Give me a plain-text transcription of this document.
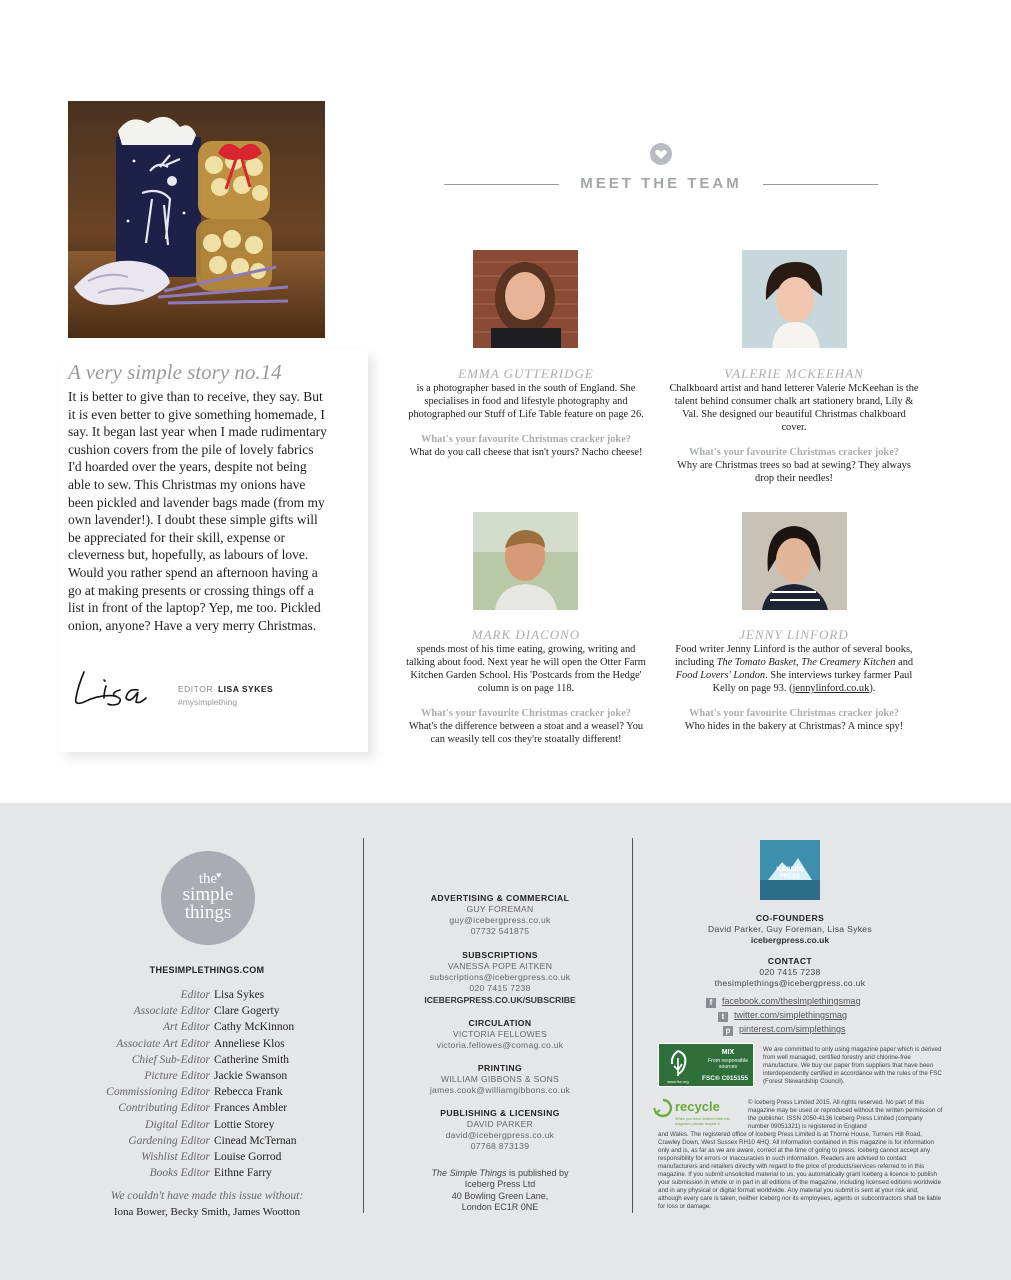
A very simple story no.14
It is better to give than to receive, they say. But it is even better to give something homemade, I say. It began last year when I made rudimentary cushion covers from the pile of lovely fabrics I'd hoarded over the years, despite not being able to sew. This Christmas my onions have been pickled and lavender bags made (from my own lavender!). I doubt these simple gifts will be appreciated for their skill, expense or cleverness but, hopefully, as labours of love. Would you rather spend an afternoon having a go at making presents or crossing things off a list in front of the laptop? Yep, me too. Pickled onion, anyone? Have a very merry Christmas.
EDITOR LISA SYKES
#mysimplething
MEET THE TEAM
EMMA GUTTERIDGE
is a photographer based in the south of England. She specialises in food and lifestyle photography and photographed our Stuff of Life Table feature on page 26.
What's your favourite Christmas cracker joke?
What do you call cheese that isn't yours? Nacho cheese!
VALERIE MCKEEHAN
Chalkboard artist and hand letterer Valerie McKeehan is the talent behind consumer chalk art stationery brand, Lily & Val. She designed our beautiful Christmas chalkboard cover.
What's your favourite Christmas cracker joke?
Why are Christmas trees so bad at sewing? They always drop their needles!
MARK DIACONO
spends most of his time eating, growing, writing and talking about food. Next year he will open the Otter Farm Kitchen Garden School. His 'Postcards from the Hedge' column is on page 118.
What's your favourite Christmas cracker joke?
What's the difference between a stoat and a weasel? You can weasily tell cos they're stoatally different!
JENNY LINFORD
Food writer Jenny Linford is the author of several books, including The Tomato Basket, The Creamery Kitchen and Food Lovers' London. She interviews turkey farmer Paul Kelly on page 93. (jennylinford.co.uk).
What's your favourite Christmas cracker joke?
Who hides in the bakery at Christmas? A mince spy!
the
♥
simple
things
THESIMPLETHINGS.COM
Editor Lisa Sykes
Associate Editor Clare Gogerty
Art Editor Cathy McKinnon
Associate Art Editor Anneliese Klos
Chief Sub-Editor Catherine Smith
Picture Editor Jackie Swanson
Commissioning Editor Rebecca Frank
Contributing Editor Frances Ambler
Digital Editor Lottie Storey
Gardening Editor Cinead McTernan
Wishlist Editor Louise Gorrod
Books Editor Eithne Farry
We couldn't have made this issue without:
Iona Bower, Becky Smith, James Wootton
ADVERTISING & COMMERCIAL
GUY FOREMAN
guy@icebergpress.co.uk
07732 541875
SUBSCRIPTIONS
VANESSA POPE AITKEN
subscriptions@icebergpress.co.uk
020 7415 7238
ICEBERGPRESS.CO.UK/SUBSCRIBE
CIRCULATION
VICTORIA FELLOWES
victoria.fellowes@comag.co.uk
PRINTING
WILLIAM GIBBONS & SONS
james.cook@williamgibbons.co.uk
PUBLISHING & LICENSING
DAVID PARKER
david@icebergpress.co.uk
07768 873139
The Simple Things is published by
Iceberg Press Ltd
40 Bowling Green Lane,
London EC1R 0NE
ICEBERG
PRESS
CO-FOUNDERS
David Parker, Guy Foreman, Lisa Sykes
icebergpress.co.uk
CONTACT
020 7415 7238
thesimplethings@icebergpress.co.uk
f facebook.com/thesimplethingsmag
t twitter.com/simplethingsmag
p pinterest.com/simplethings
www.fsc.org
MIX
From responsible sources
FSC® C015155
We are committed to only using magazine paper which is derived from well managed, certified forestry and chlorine-free manufacture. We buy our paper from suppliers that have been interdependently certified in accordance with the rules of the FSC (Forest Stewardship Council).
recycle
When you have finished with this magazine please recycle it.
© Iceberg Press Limited 2015. All rights reserved. No part of this magazine may be used or reproduced without the written permission of the publisher. ISSN 2050-4136 Iceberg Press Limited (company number 09051321) is registered in England
and Wales. The registered office of Iceberg Press Limited is at Thorne House, Turners Hill Road, Crawley Down, West Sussex RH10 4HQ. All information contained in this magazine is for information only and is, as far as we are aware, correct at the time of going to press. Iceberg cannot accept any responsibility for errors or inaccuracies in such information. Readers are advised to contact manufacturers and retailers directly with regard to the price of products/services referred to in this magazine. If you submit unsolicited material to us, you automatically grant Iceberg a licence to publish your submission in whole or in part in all editions of the magazine, including licensed editions worldwide and in any physical or digital format worldwide. Any material you submit is sent at your risk and, although every care is taken, neither Iceberg nor its employees, agents or subcontractors shall be liable for loss or damage.
